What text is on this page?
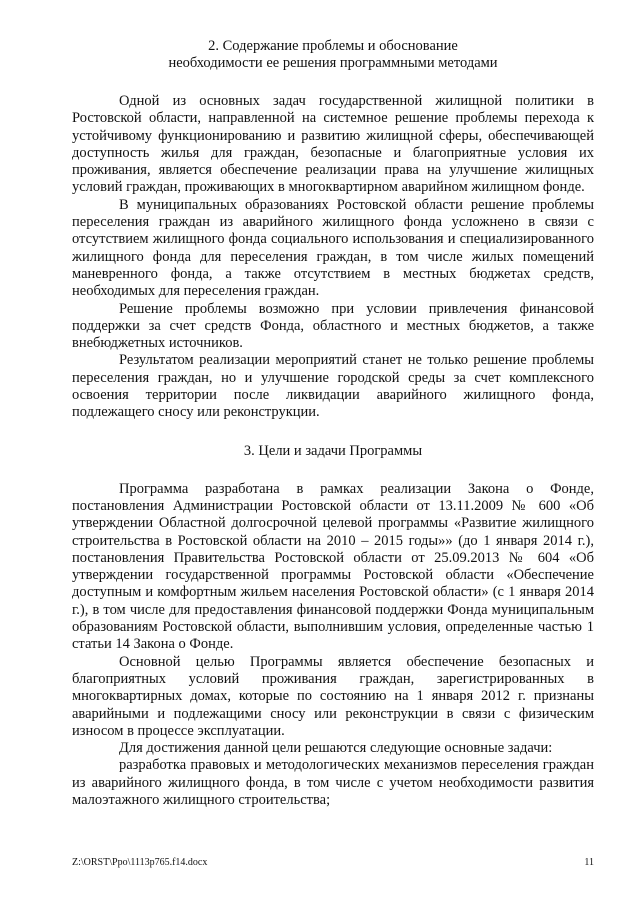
2. Содержание проблемы и обоснование
необходимости ее решения программными методами

Одной из основных задач государственной жилищной политики в Ростовской области, направленной на системное решение проблемы перехода к устойчивому функционированию и развитию жилищной сферы, обеспечивающей доступность жилья для граждан, безопасные и благоприятные условия их проживания, является обеспечение реализации права на улучшение жилищных условий граждан, проживающих в многоквартирном аварийном жилищном фонде.

В муниципальных образованиях Ростовской области решение проблемы переселения граждан из аварийного жилищного фонда усложнено в связи с отсутствием жилищного фонда социального использования и специализированного жилищного фонда для переселения граждан, в том числе жилых помещений маневренного фонда, а также отсутствием в местных бюджетах средств, необходимых для переселения граждан.

Решение проблемы возможно при условии привлечения финансовой поддержки за счет средств Фонда, областного и местных бюджетов, а также внебюджетных источников.

Результатом реализации мероприятий станет не только решение проблемы переселения граждан, но и улучшение городской среды за счет комплексного освоения территории после ликвидации аварийного жилищного фонда, подлежащего сносу или реконструкции.

3. Цели и задачи Программы

Программа разработана в рамках реализации Закона о Фонде, постановления Администрации Ростовской области от 13.11.2009 № 600 «Об утверждении Областной долгосрочной целевой программы «Развитие жилищного строительства в Ростовской области на 2010 – 2015 годы»» (до 1 января 2014 г.), постановления Правительства Ростовской области от 25.09.2013 № 604 «Об утверждении государственной программы Ростовской области «Обеспечение доступным и комфортным жильем населения Ростовской области» (с 1 января 2014 г.), в том числе для предоставления финансовой поддержки Фонда муниципальным образованиям Ростовской области, выполнившим условия, определенные частью 1 статьи 14 Закона о Фонде.

Основной целью Программы является обеспечение безопасных и благоприятных условий проживания граждан, зарегистрированных в многоквартирных домах, которые по состоянию на 1 января 2012 г. признаны аварийными и подлежащими сносу или реконструкции в связи с физическим износом в процессе эксплуатации.

Для достижения данной цели решаются следующие основные задачи:

разработка правовых и методологических механизмов переселения граждан из аварийного жилищного фонда, в том числе с учетом необходимости развития малоэтажного жилищного строительства;

Z:\ORST\Ppo\1113p765.f14.docx	11
